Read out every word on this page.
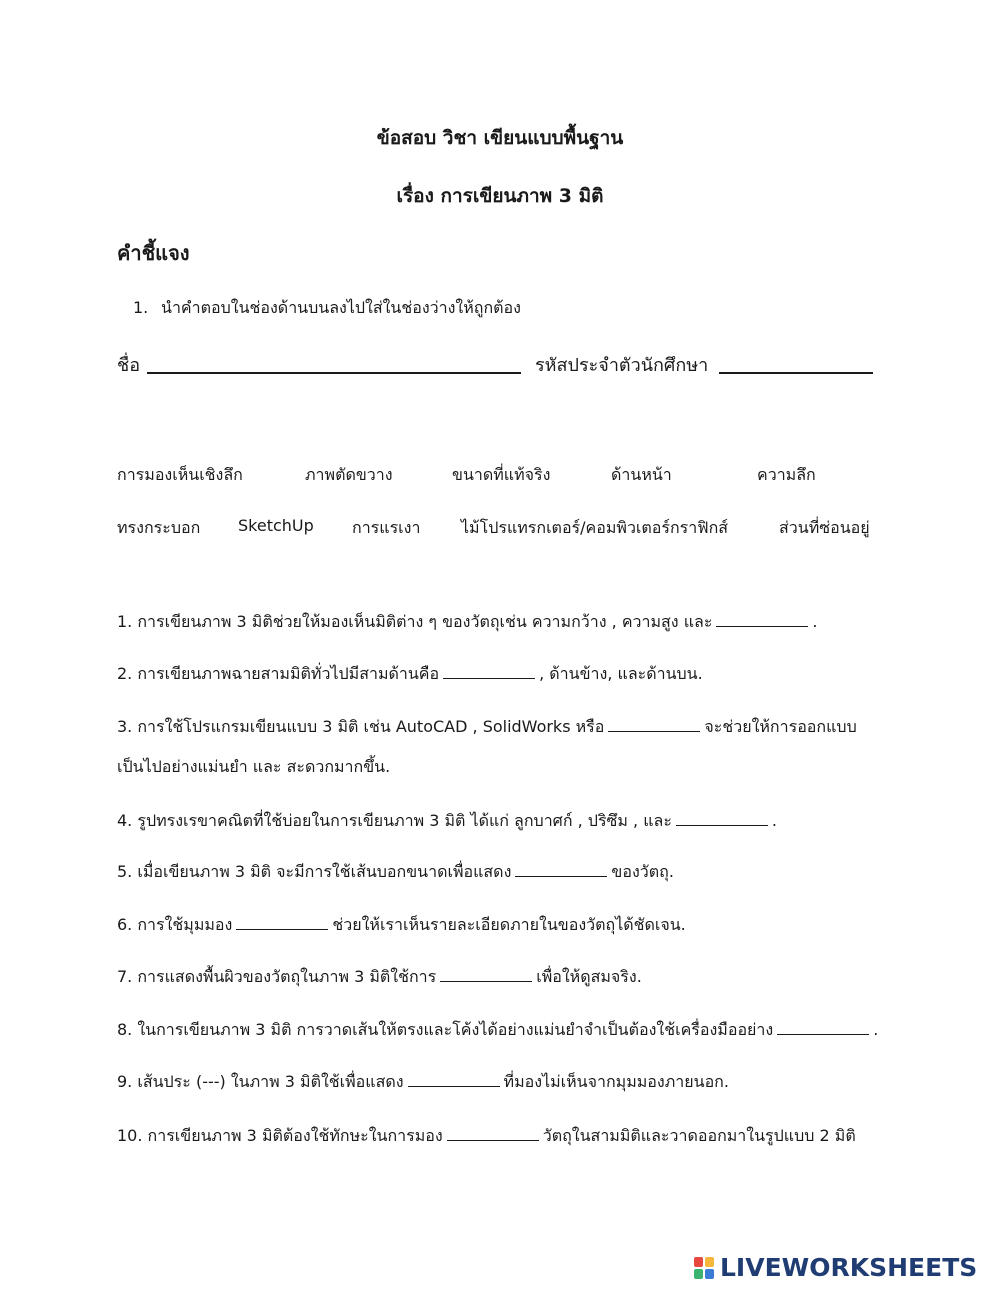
ข้อสอบ วิชา เขียนแบบพื้นฐาน
เรื่อง การเขียนภาพ 3 มิติ
คำชี้แจง
1. นำคำตอบในช่องด้านบนลงไปใส่ในช่องว่างให้ถูกต้อง
ชื่อ	รหัสประจำตัวนักศึกษา
การมองเห็นเชิงลึก	ภาพตัดขวาง	ขนาดที่แท้จริง	ด้านหน้า	ความลึก
ทรงกระบอก SketchUp การแรเงา	ไม้โปรแทรกเตอร์/คอมพิวเตอร์กราฟิกส์	ส่วนที่ซ่อนอยู่
1. การเขียนภาพ 3 มิติช่วยให้มองเห็นมิติต่าง ๆ ของวัตถุเช่น ความกว้าง , ความสูง และ	.
2. การเขียนภาพฉายสามมิติทั่วไปมีสามด้านคือ	, ด้านข้าง, และด้านบน.
3. การใช้โปรแกรมเขียนแบบ 3 มิติ เช่น AutoCAD , SolidWorks หรือ	จะช่วยให้การออกแบบ
เป็นไปอย่างแม่นยำ และ สะดวกมากขึ้น.
4. รูปทรงเรขาคณิตที่ใช้บ่อยในการเขียนภาพ 3 มิติ ได้แก่ ลูกบาศก์ , ปริซึม , และ	.
5. เมื่อเขียนภาพ 3 มิติ จะมีการใช้เส้นบอกขนาดเพื่อแสดง	ของวัตถุ.
6. การใช้มุมมอง	ช่วยให้เราเห็นรายละเอียดภายในของวัตถุได้ชัดเจน.
7. การแสดงพื้นผิวของวัตถุในภาพ 3 มิติใช้การ	เพื่อให้ดูสมจริง.
8. ในการเขียนภาพ 3 มิติ การวาดเส้นให้ตรงและโค้งได้อย่างแม่นยำจำเป็นต้องใช้เครื่องมืออย่าง	.
9. เส้นประ (---) ในภาพ 3 มิติใช้เพื่อแสดง	ที่มองไม่เห็นจากมุมมองภายนอก.
10. การเขียนภาพ 3 มิติต้องใช้ทักษะในการมอง	วัตถุในสามมิติและวาดออกมาในรูปแบบ 2 มิติ
LIVEWORKSHEETS
